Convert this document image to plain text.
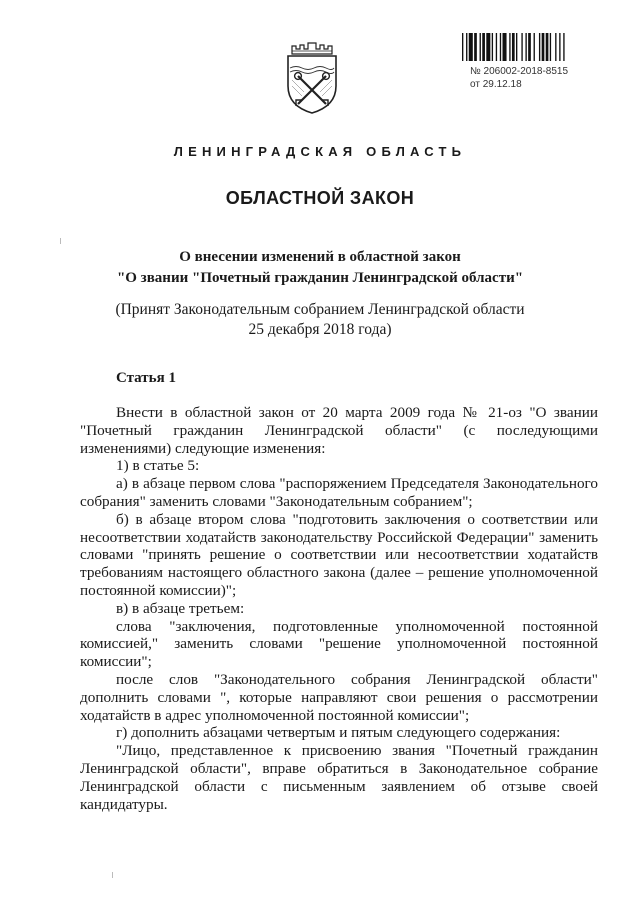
№ 206002-2018-8515
от 29.12.18
ЛЕНИНГРАДСКАЯ ОБЛАСТЬ
ОБЛАСТНОЙ ЗАКОН
О внесении изменений в областной закон
"О звании "Почетный гражданин Ленинградской области"
(Принят Законодательным собранием Ленинградской области
25 декабря 2018 года)
Статья 1

Внести в областной закон от 20 марта 2009 года № 21-оз "О звании "Почетный гражданин Ленинградской области" (с последующими изменениями) следующие изменения:

1) в статье 5:

а) в абзаце первом слова "распоряжением Председателя Законодательного собрания" заменить словами "Законодательным собранием";

б) в абзаце втором слова "подготовить заключения о соответствии или несоответствии ходатайств законодательству Российской Федерации" заменить словами "принять решение о соответствии или несоответствии ходатайств требованиям настоящего областного закона (далее – решение уполномоченной постоянной комиссии)";

в) в абзаце третьем:

слова "заключения, подготовленные уполномоченной постоянной комиссией," заменить словами "решение уполномоченной постоянной комиссии";

после слов "Законодательного собрания Ленинградской области" дополнить словами ", которые направляют свои решения о рассмотрении ходатайств в адрес уполномоченной постоянной комиссии";

г) дополнить абзацами четвертым и пятым следующего содержания:

"Лицо, представленное к присвоению звания "Почетный гражданин Ленинградской области", вправе обратиться в Законодательное собрание Ленинградской области с письменным заявлением об отзыве своей кандидатуры.
